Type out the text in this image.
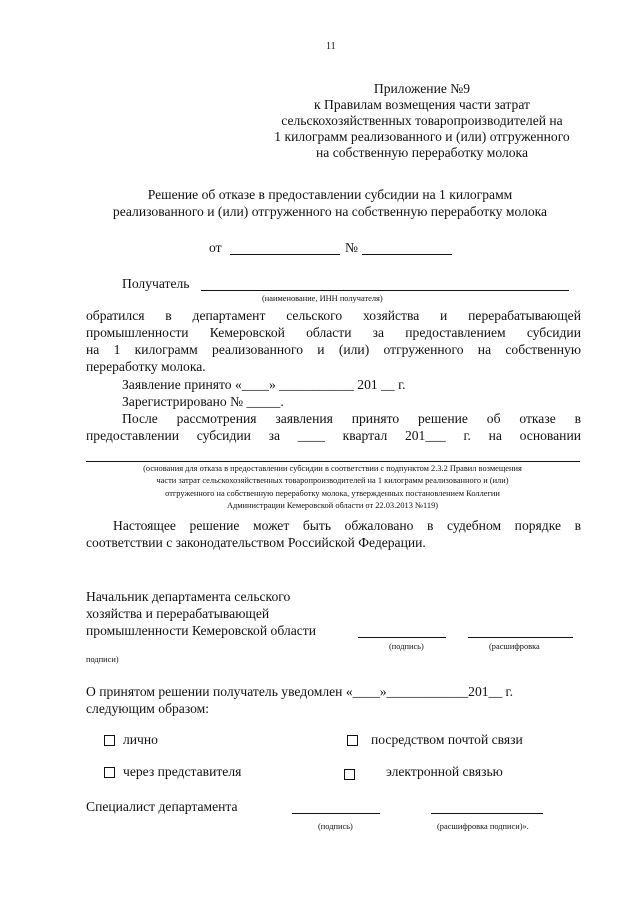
11
Приложение №9
к Правилам возмещения части затрат
сельскохозяйственных товаропроизводителей на
1 килограмм реализованного и (или) отгруженного
на собственную переработку молока
Решение об отказе в предоставлении субсидии на 1 килограмм
реализованного и (или) отгруженного на собственную переработку молока
от	№
Получатель
(наименование, ИНН получателя)
обратился в департамент сельского хозяйства и перерабатывающей
промышленности Кемеровской области за предоставлением субсидии
на 1 килограмм реализованного и (или) отгруженного на собственную
переработку молока.
Заявление принято «____» ___________ 201 __ г.
Зарегистрировано № _____.
После рассмотрения заявления принято решение об отказе в
предоставлении субсидии за ____ квартал 201___ г. на основании
(основания для отказа в предоставлении субсидии в соответствии с подпунктом 2.3.2 Правил возмещения
части затрат сельскохозяйственных товаропроизводителей на 1 килограмм реализованного и (или)
отгруженного на собственную переработку молока, утвержденных постановлением Коллегии
Администрации Кемеровской области от 22.03.2013 №119)
Настоящее решение может быть обжаловано в судебном порядке в
соответствии с законодательством Российской Федерации.
Начальник департамента сельского
хозяйства и перерабатывающей
промышленности Кемеровской области
(подпись)	(расшифровка
подписи)
О принятом решении получатель уведомлен «____»____________201__ г.
следующим образом:
лично	посредством почтой связи
через представителя	электронной связью
Специалист департамента
(подпись)	(расшифровка подписи)».
